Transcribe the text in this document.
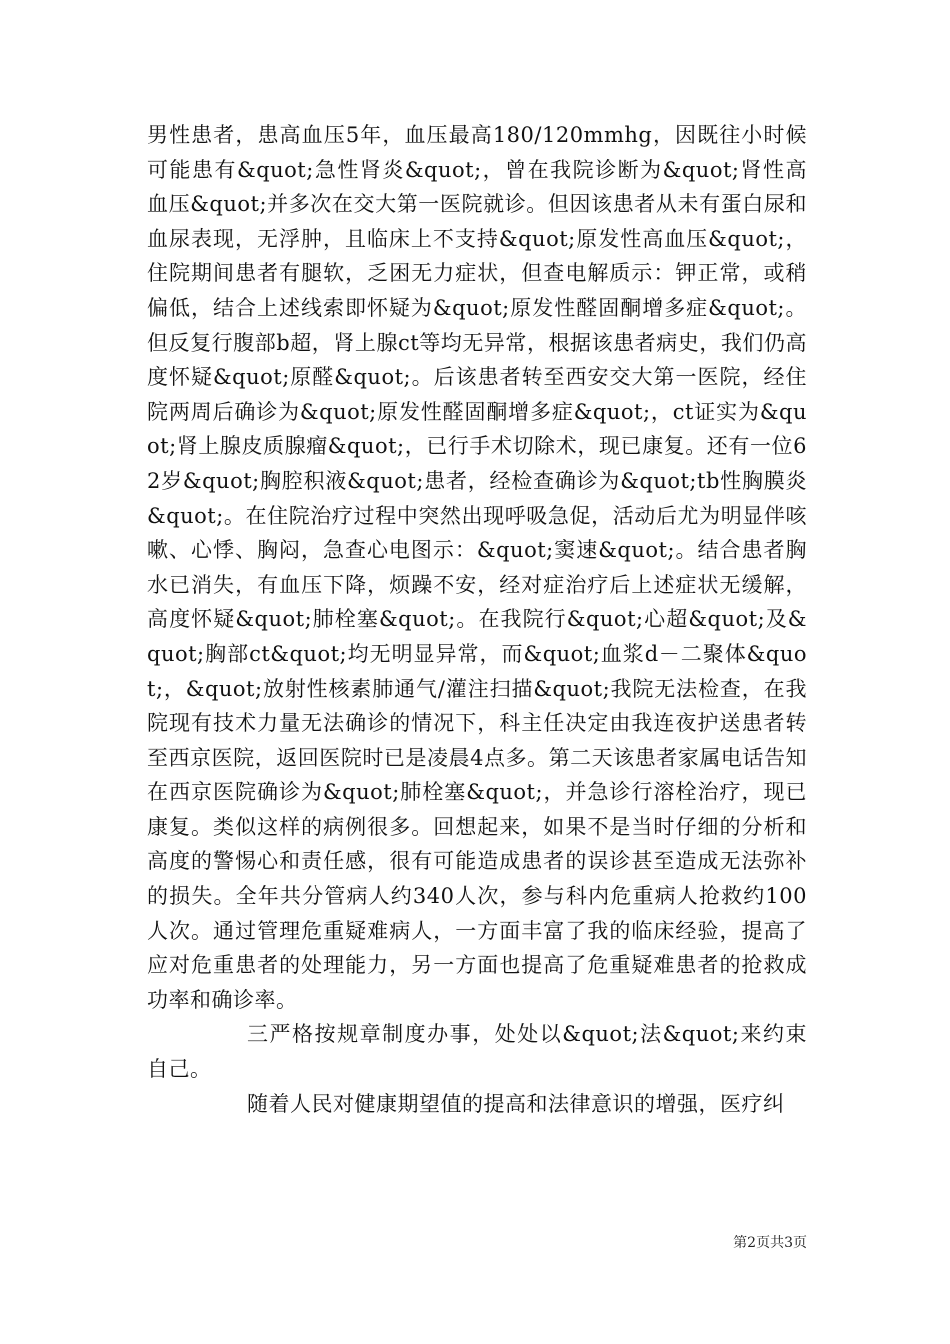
男性患者，患高血压5年，血压最高180/120mmhg，因既往小时候可能患有&quot;急性肾炎&quot;，曾在我院诊断为&quot;肾性高血压&quot;并多次在交大第一医院就诊。但因该患者从未有蛋白尿和血尿表现，无浮肿，且临床上不支持&quot;原发性高血压&quot;，住院期间患者有腿软，乏困无力症状，但查电解质示：钾正常，或稍偏低，结合上述线索即怀疑为&quot;原发性醛固酮增多症&quot;。但反复行腹部b超，肾上腺ct等均无异常，根据该患者病史，我们仍高度怀疑&quot;原醛&quot;。后该患者转至西安交大第一医院，经住院两周后确诊为&quot;原发性醛固酮增多症&quot;，ct证实为&quot;肾上腺皮质腺瘤&quot;，已行手术切除术，现已康复。还有一位62岁&quot;胸腔积液&quot;患者，经检查确诊为&quot;tb性胸膜炎&quot;。在住院治疗过程中突然出现呼吸急促，活动后尤为明显伴咳嗽、心悸、胸闷，急查心电图示：&quot;窦速&quot;。结合患者胸水已消失，有血压下降，烦躁不安，经对症治疗后上述症状无缓解，高度怀疑&quot;肺栓塞&quot;。在我院行&quot;心超&quot;及&quot;胸部ct&quot;均无明显异常，而&quot;血浆d－二聚体&quot;，&quot;放射性核素肺通气/灌注扫描&quot;我院无法检查，在我院现有技术力量无法确诊的情况下，科主任决定由我连夜护送患者转至西京医院，返回医院时已是凌晨4点多。第二天该患者家属电话告知在西京医院确诊为&quot;肺栓塞&quot;，并急诊行溶栓治疗，现已康复。类似这样的病例很多。回想起来，如果不是当时仔细的分析和高度的警惕心和责任感，很有可能造成患者的误诊甚至造成无法弥补的损失。全年共分管病人约340人次，参与科内危重病人抢救约100人次。通过管理危重疑难病人，一方面丰富了我的临床经验，提高了应对危重患者的处理能力，另一方面也提高了危重疑难患者的抢救成功率和确诊率。

三严格按规章制度办事，处处以&quot;法&quot;来约束自己。

随着人民对健康期望值的提高和法律意识的增强，医疗纠

第2页共3页
